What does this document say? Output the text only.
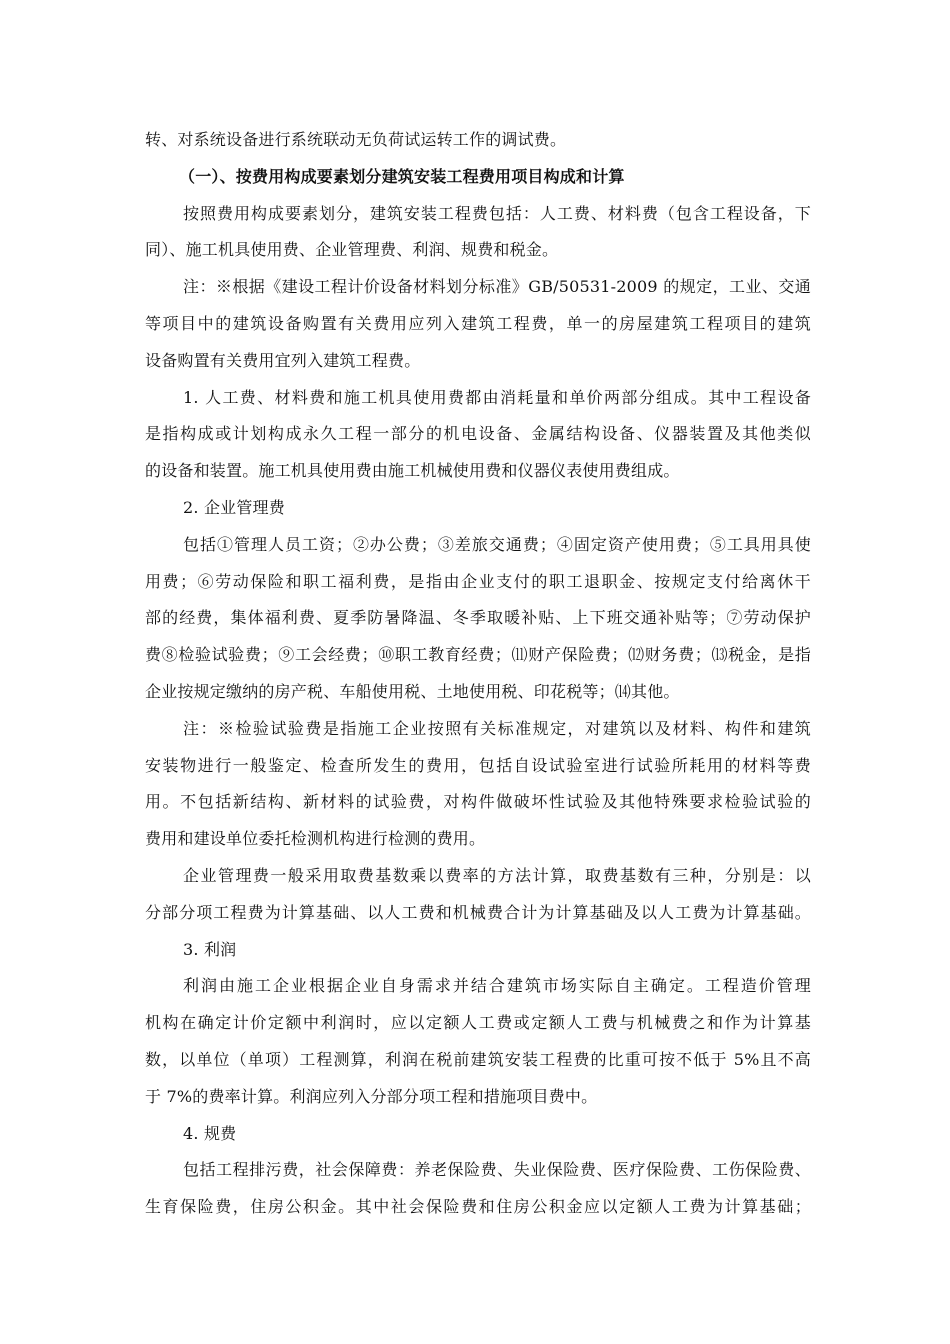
转、对系统设备进行系统联动无负荷试运转工作的调试费。
（一）、按费用构成要素划分建筑安装工程费用项目构成和计算
按照费用构成要素划分，建筑安装工程费包括：人工费、材料费（包含工程设备，下
同）、施工机具使用费、企业管理费、利润、规费和税金。
注：※根据《建设工程计价设备材料划分标准》GB/50531-2009 的规定，工业、交通
等项目中的建筑设备购置有关费用应列入建筑工程费，单一的房屋建筑工程项目的建筑
设备购置有关费用宜列入建筑工程费。
1. 人工费、材料费和施工机具使用费都由消耗量和单价两部分组成。其中工程设备
是指构成或计划构成永久工程一部分的机电设备、金属结构设备、仪器装置及其他类似
的设备和装置。施工机具使用费由施工机械使用费和仪器仪表使用费组成。
2. 企业管理费
包括①管理人员工资；②办公费；③差旅交通费；④固定资产使用费；⑤工具用具使
用费；⑥劳动保险和职工福利费，是指由企业支付的职工退职金、按规定支付给离休干
部的经费，集体福利费、夏季防暑降温、冬季取暖补贴、上下班交通补贴等；⑦劳动保护
费⑧检验试验费；⑨工会经费；⑩职工教育经费；⑾财产保险费；⑿财务费；⒀税金，是指
企业按规定缴纳的房产税、车船使用税、土地使用税、印花税等；⒁其他。
注：※检验试验费是指施工企业按照有关标准规定，对建筑以及材料、构件和建筑
安装物进行一般鉴定、检查所发生的费用，包括自设试验室进行试验所耗用的材料等费
用。不包括新结构、新材料的试验费，对构件做破坏性试验及其他特殊要求检验试验的
费用和建设单位委托检测机构进行检测的费用。
企业管理费一般采用取费基数乘以费率的方法计算，取费基数有三种，分别是：以
分部分项工程费为计算基础、以人工费和机械费合计为计算基础及以人工费为计算基础。
3. 利润
利润由施工企业根据企业自身需求并结合建筑市场实际自主确定。工程造价管理
机构在确定计价定额中利润时，应以定额人工费或定额人工费与机械费之和作为计算基
数，以单位（单项）工程测算，利润在税前建筑安装工程费的比重可按不低于 5%且不高
于 7%的费率计算。利润应列入分部分项工程和措施项目费中。
4. 规费
包括工程排污费，社会保障费：养老保险费、失业保险费、医疗保险费、工伤保险费、
生育保险费，住房公积金。其中社会保险费和住房公积金应以定额人工费为计算基础；
